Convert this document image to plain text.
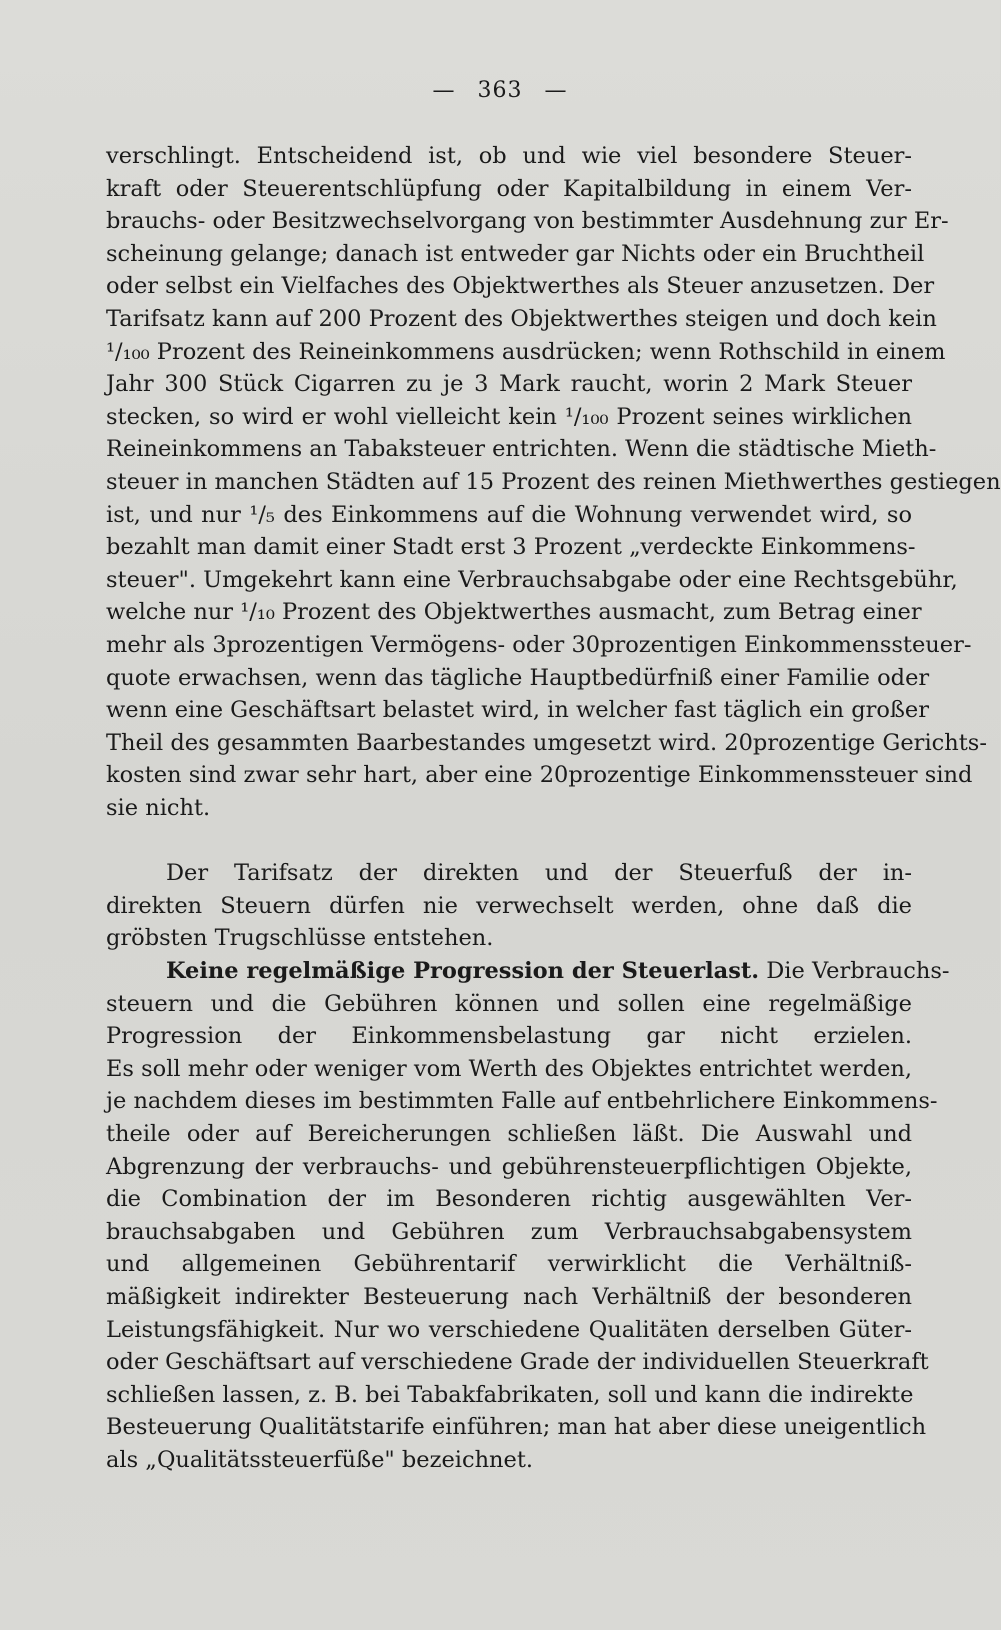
— 363 —
verschlingt. Entscheidend ist, ob und wie viel besondere Steuer-
kraft oder Steuerentschlüpfung oder Kapitalbildung in einem Ver-
brauchs- oder Besitzwechselvorgang von bestimmter Ausdehnung zur Er-
scheinung gelange; danach ist entweder gar Nichts oder ein Bruchtheil
oder selbst ein Vielfaches des Objektwerthes als Steuer anzusetzen. Der
Tarifsatz kann auf 200 Prozent des Objektwerthes steigen und doch kein
¹/₁₀₀ Prozent des Reineinkommens ausdrücken; wenn Rothschild in einem
Jahr 300 Stück Cigarren zu je 3 Mark raucht, worin 2 Mark Steuer
stecken, so wird er wohl vielleicht kein ¹/₁₀₀ Prozent seines wirklichen
Reineinkommens an Tabaksteuer entrichten. Wenn die städtische Mieth-
steuer in manchen Städten auf 15 Prozent des reinen Miethwerthes gestiegen
ist, und nur ¹/₅ des Einkommens auf die Wohnung verwendet wird, so
bezahlt man damit einer Stadt erst 3 Prozent „verdeckte Einkommens-
steuer". Umgekehrt kann eine Verbrauchsabgabe oder eine Rechtsgebühr,
welche nur ¹/₁₀ Prozent des Objektwerthes ausmacht, zum Betrag einer
mehr als 3prozentigen Vermögens- oder 30prozentigen Einkommenssteuer-
quote erwachsen, wenn das tägliche Hauptbedürfniß einer Familie oder
wenn eine Geschäftsart belastet wird, in welcher fast täglich ein großer
Theil des gesammten Baarbestandes umgesetzt wird. 20prozentige Gerichts-
kosten sind zwar sehr hart, aber eine 20prozentige Einkommenssteuer sind
sie nicht.
Der Tarifsatz der direkten und der Steuerfuß der in-
direkten Steuern dürfen nie verwechselt werden, ohne daß die
gröbsten Trugschlüsse entstehen.
Keine regelmäßige Progression der Steuerlast. Die Verbrauchs-
steuern und die Gebühren können und sollen eine regelmäßige
Progression der Einkommensbelastung gar nicht erzielen.
Es soll mehr oder weniger vom Werth des Objektes entrichtet werden,
je nachdem dieses im bestimmten Falle auf entbehrlichere Einkommens-
theile oder auf Bereicherungen schließen läßt. Die Auswahl und
Abgrenzung der verbrauchs- und gebührensteuerpflichtigen Objekte,
die Combination der im Besonderen richtig ausgewählten Ver-
brauchsabgaben und Gebühren zum Verbrauchsabgabensystem
und allgemeinen Gebührentarif verwirklicht die Verhältniß-
mäßigkeit indirekter Besteuerung nach Verhältniß der besonderen
Leistungsfähigkeit. Nur wo verschiedene Qualitäten derselben Güter-
oder Geschäftsart auf verschiedene Grade der individuellen Steuerkraft
schließen lassen, z. B. bei Tabakfabrikaten, soll und kann die indirekte
Besteuerung Qualitätstarife einführen; man hat aber diese uneigentlich
als „Qualitätssteuerfüße" bezeichnet.
